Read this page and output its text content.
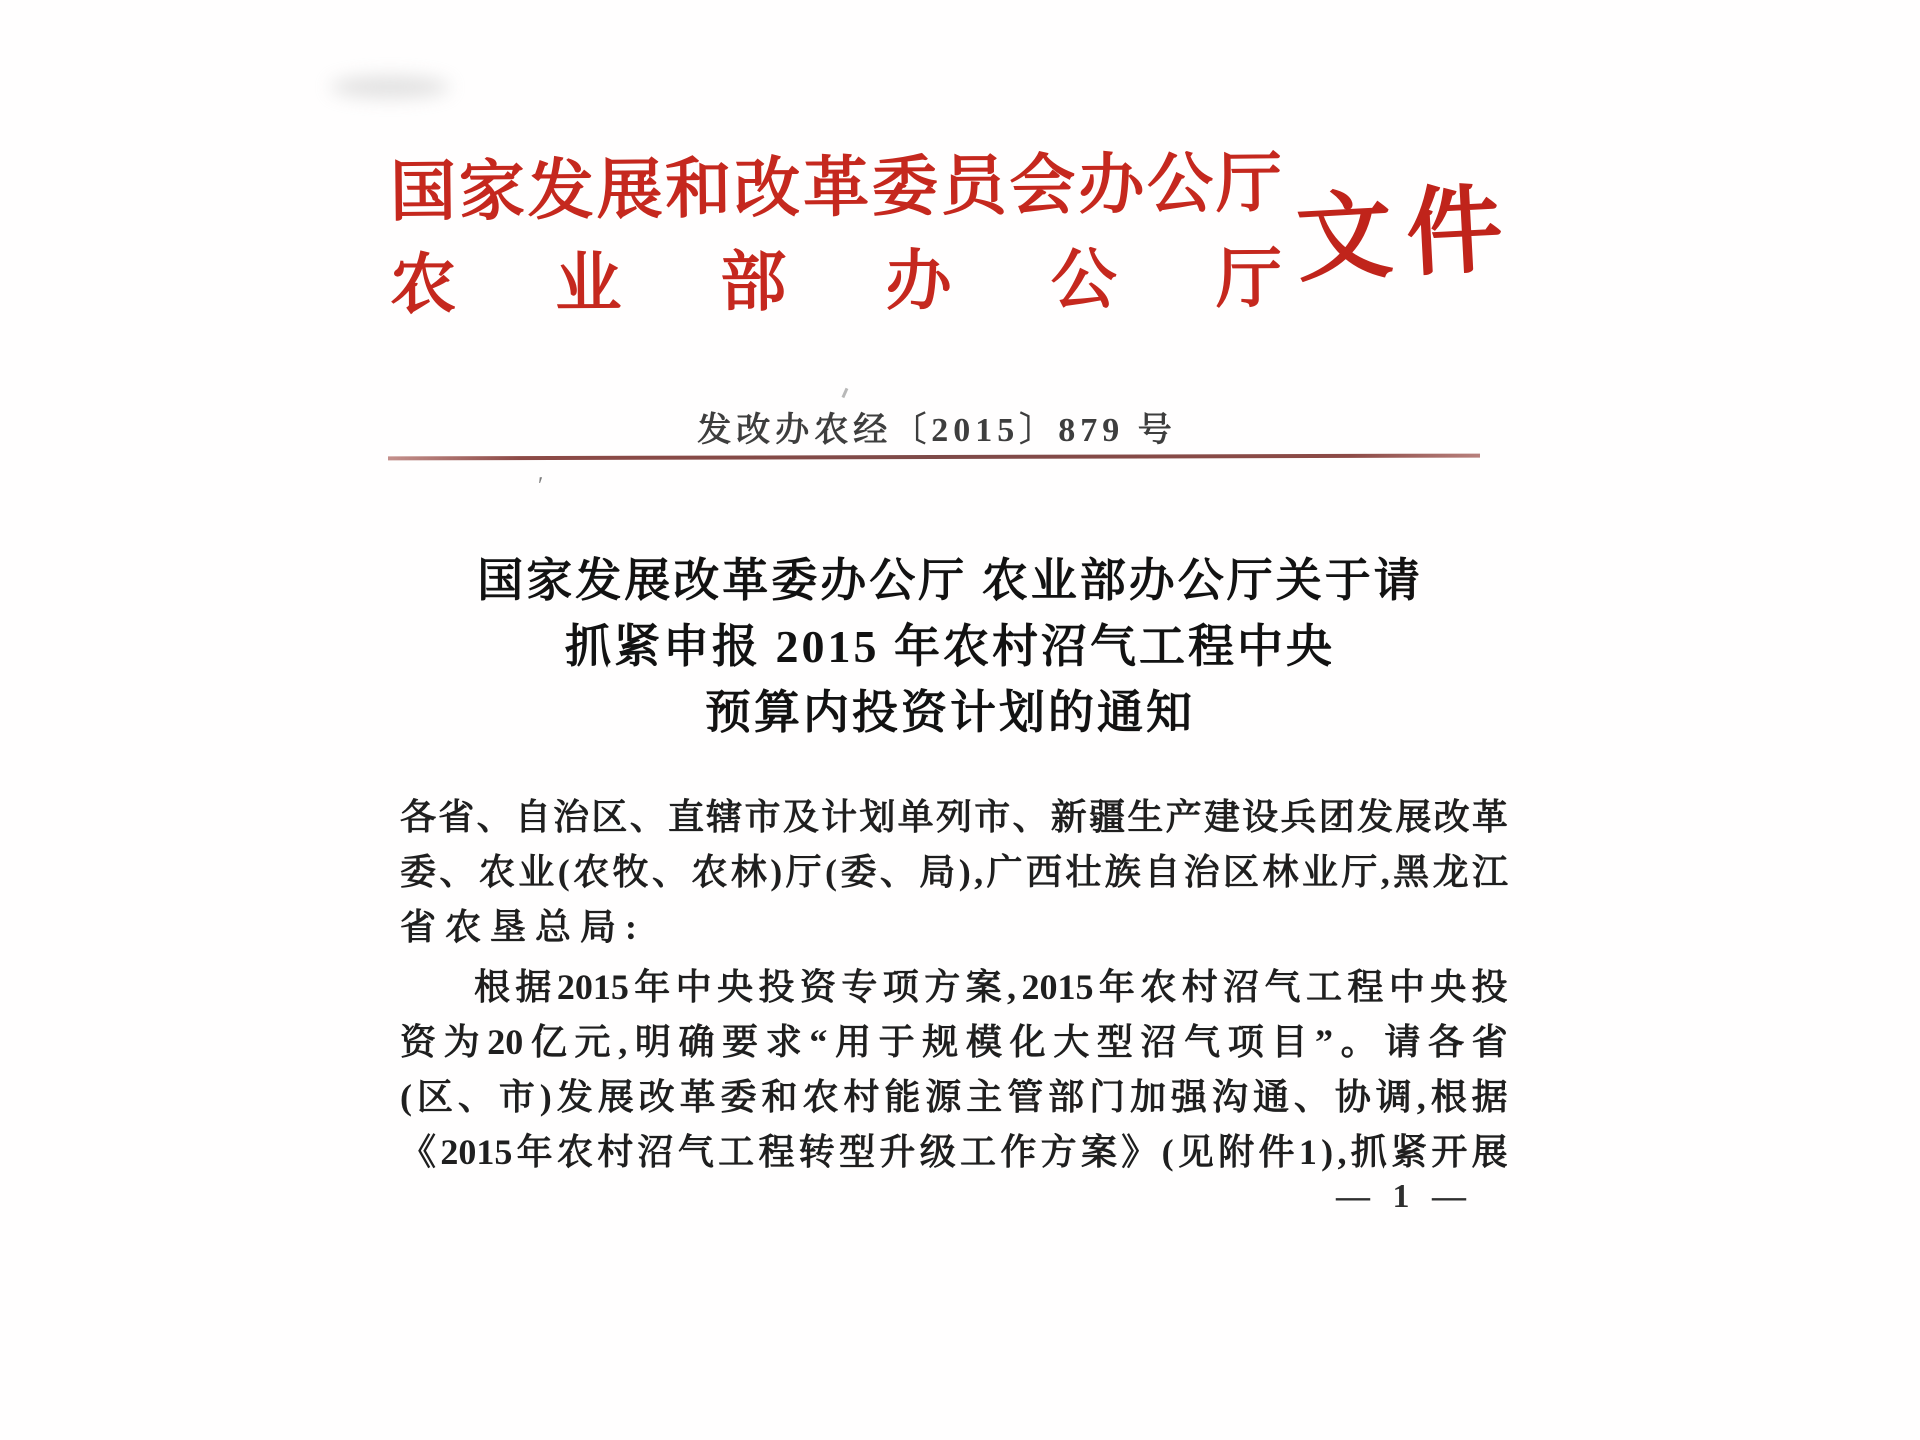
国 家 发 展 和 改 革 委 员 会 办 公 厅
农 业 部 办 公 厅 文件
发改办农经〔2015〕879 号
ʹ
国家发展改革委办公厅 农业部办公厅关于请
抓紧申报 2015 年农村沼气工程中央
预算内投资计划的通知
各 省 、 自 治 区 、 直 辖 市 及 计 划 单 列 市 、 新 疆 生 产 建 设 兵 团 发 展 改 革
委 、 农 业 ( 农 牧 、 农 林 ) 厅 ( 委 、 局 ) , 广 西 壮 族 自 治 区 林 业 厅 , 黑 龙 江
省农垦总局:
根 据 2015 年 中 央 投 资 专 项 方 案 , 2015 年 农 村 沼 气 工 程 中 央 投
资 为 20 亿 元 , 明 确 要 求 “ 用 于 规 模 化 大 型 沼 气 项 目 ” 。 请 各 省
( 区 、 市 ) 发 展 改 革 委 和 农 村 能 源 主 管 部 门 加 强 沟 通 、 协 调 , 根 据
《 2015 年 农 村 沼 气 工 程 转 型 升 级 工 作 方 案 》 ( 见 附 件 1 ) , 抓 紧 开 展
— 1 —
